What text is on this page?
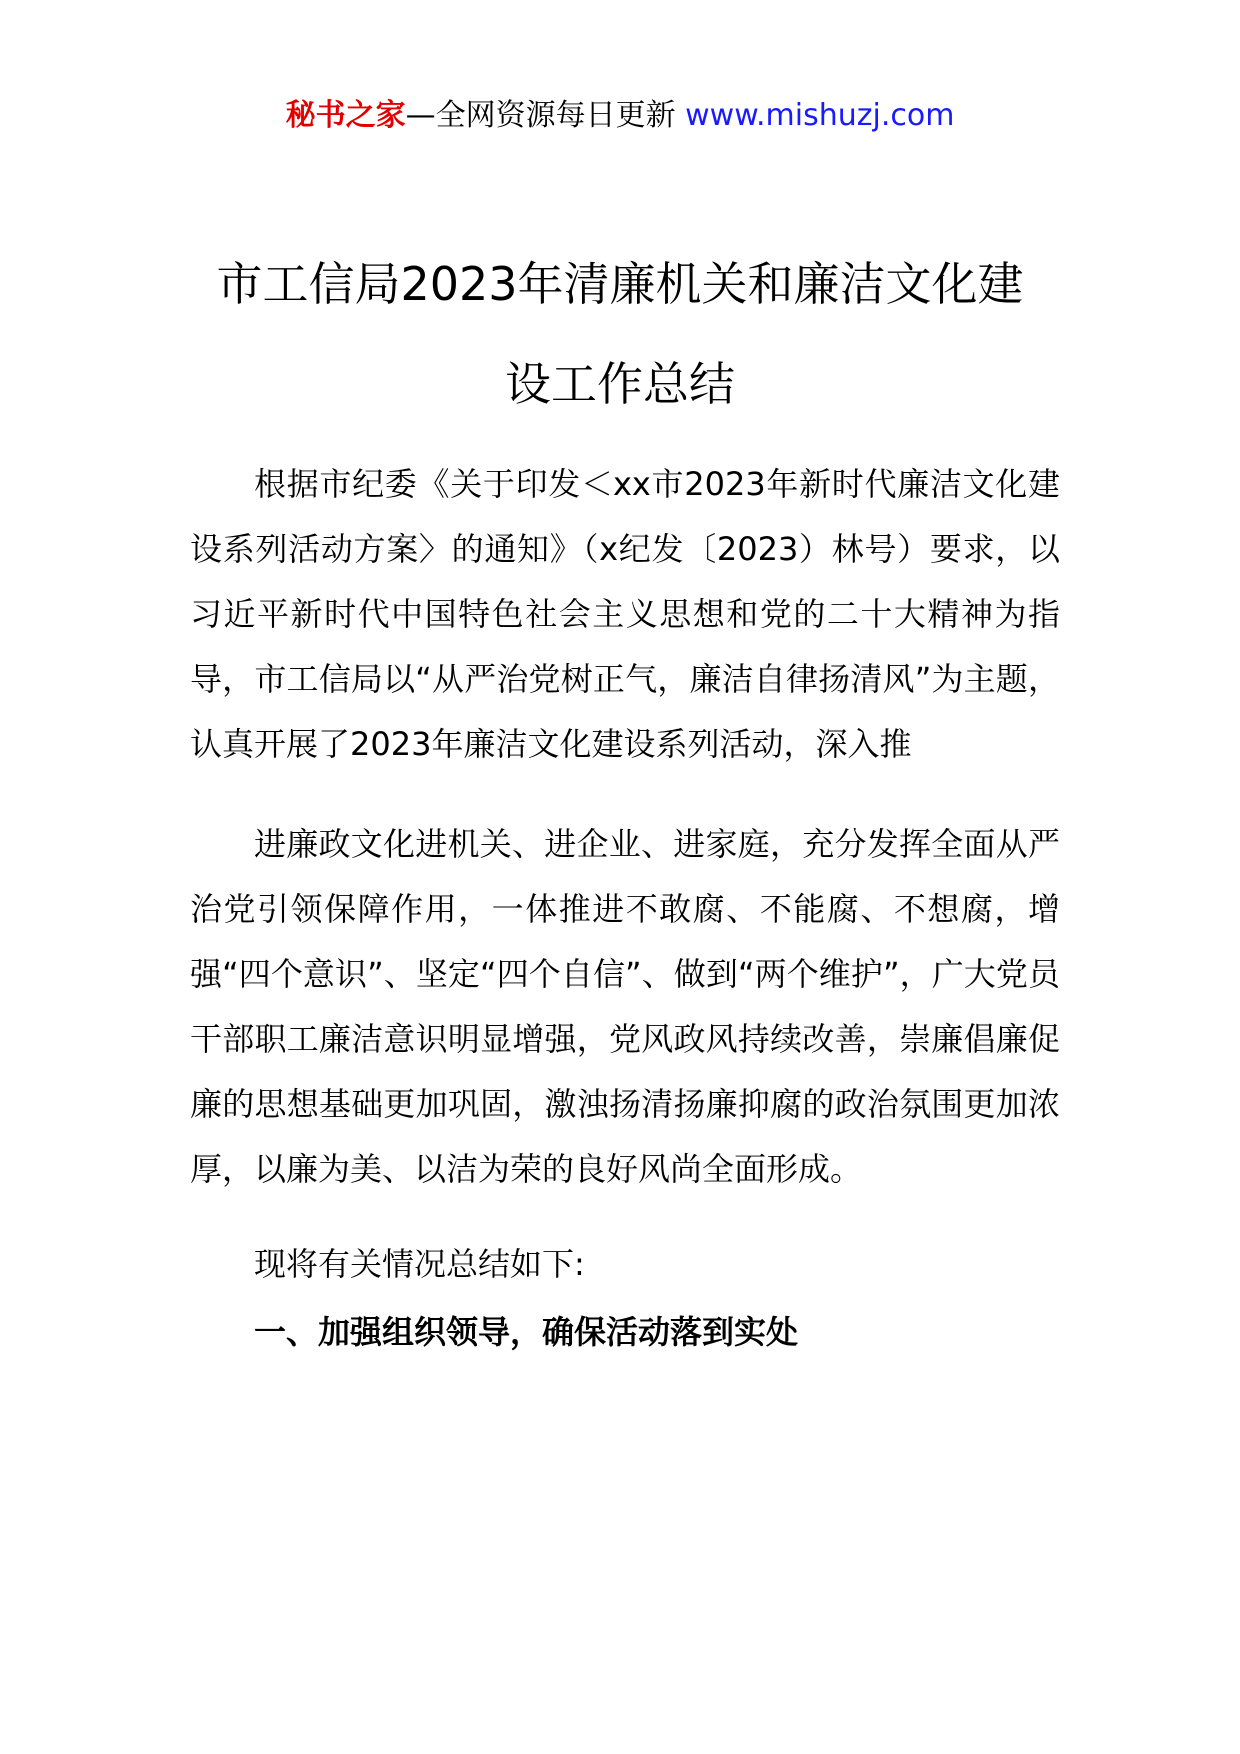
秘书之家—全网资源每日更新 www.mishuzj.com
市工信局2023年清廉机关和廉洁文化建
设工作总结

根据市纪委《关于印发＜xx市2023年新时代廉洁文化建设系列活动方案〉的通知》（x纪发〔2023）林号）要求，以习近平新时代中国特色社会主义思想和党的二十大精神为指导，市工信局以“从严治党树正气，廉洁自律扬清风”为主题，认真开展了2023年廉洁文化建设系列活动，深入推

进廉政文化进机关、进企业、进家庭，充分发挥全面从严治党引领保障作用，一体推进不敢腐、不能腐、不想腐，增强“四个意识”、坚定“四个自信”、做到“两个维护”，广大党员干部职工廉洁意识明显增强，党风政风持续改善，崇廉倡廉促廉的思想基础更加巩固，激浊扬清扬廉抑腐的政治氛围更加浓厚，以廉为美、以洁为荣的良好风尚全面形成。

现将有关情况总结如下:

一、加强组织领导，确保活动落到实处
